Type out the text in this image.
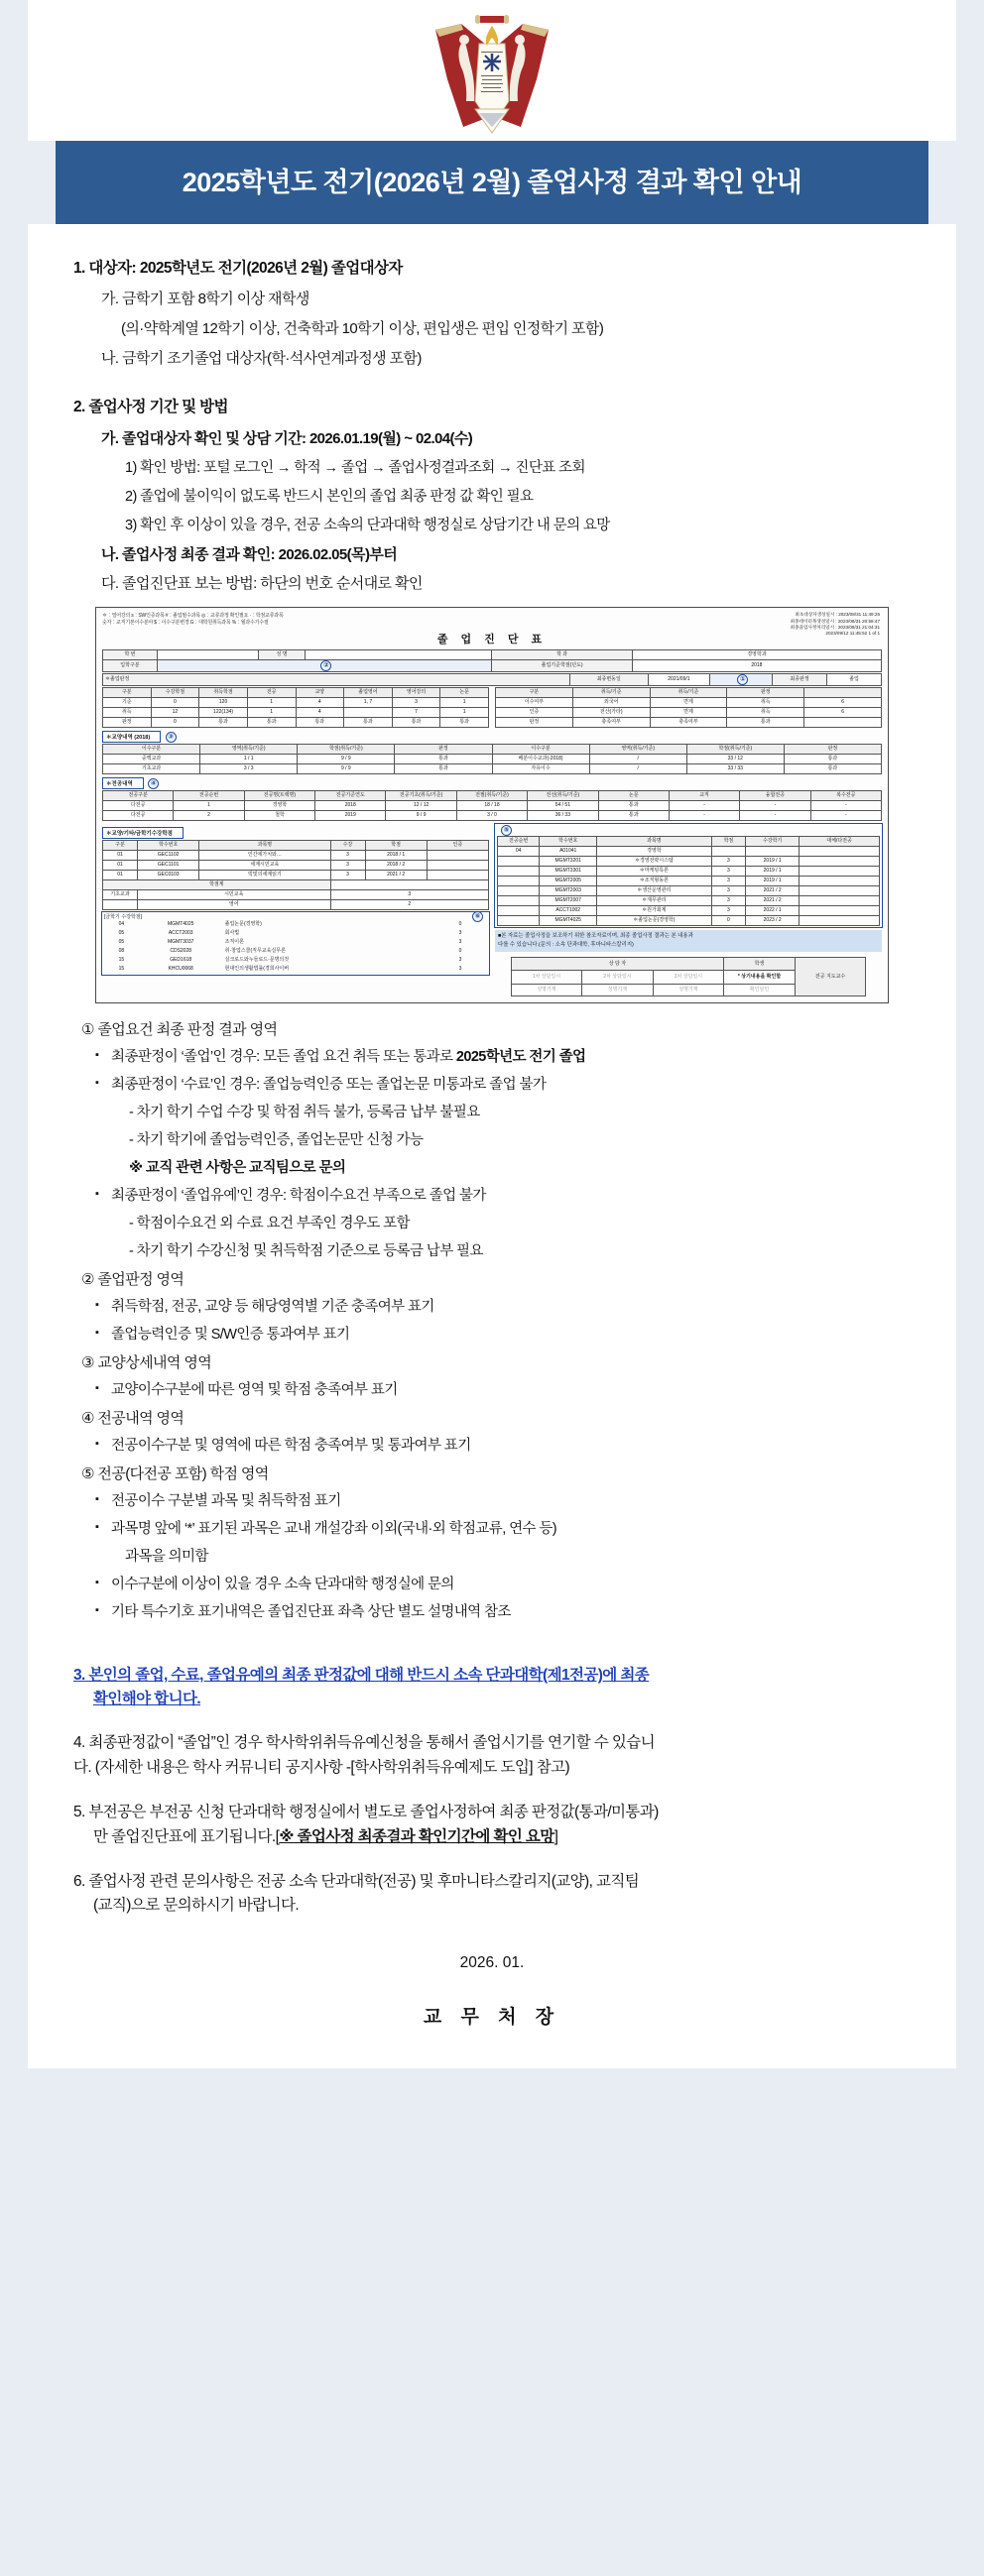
2025학년도 전기(2026년 2월) 졸업사정 결과 확인 안내

1. 대상자: 2025학년도 전기(2026년 2월) 졸업대상자

가. 금학기 포함 8학기 이상 재학생

(의·약학계열 12학기 이상, 건축학과 10학기 이상, 편입생은 편입 인정학기 포함)

나. 금학기 조기졸업 대상자(학·석사연계과정생 포함)

2. 졸업사정 기간 및 방법

가. 졸업대상자 확인 및 상담 기간: 2026.01.19(월) ~ 02.04(수)

1) 확인 방법: 포털 로그인 → 학적 → 졸업 → 졸업사정결과조회 → 진단표 조회

2) 졸업에 불이익이 없도록 반드시 본인의 졸업 최종 판정 값 확인 필요

3) 확인 후 이상이 있을 경우, 전공 소속의 단과대학 행정실로 상담기간 내 문의 요망

나. 졸업사정 최종 결과 확인: 2026.02.05(목)부터

다. 졸업진단표 보는 방법: 하단의 번호 순서대로 확인

최초대상자생성일시 : 2023/08/31 11:49:25
최종데이터목생성일시 : 2023/08/31 20:58:47
최종졸업사정처리일시 : 2023/08/31 21:04:31
2023/09/12 11:45:52 1 of 1
＊：열어강의 s：SW인증과목 #：졸업필수과목 ◎：교류과정 확인필요 ·：학점교류과목
숫자：교직기본이수분야 $：이수구분변경 G：대학원취득과목 %：월과수기수절
졸 업 진 단 표
학 번		성 명		학 과	경영학과
입학구분	②			졸업기준학점(년도)	2018
＊졸업판정	최종변동일	2021/09/1	①	최종판정	졸업
구분	수강학점	취득학점	전공	교양	졸업영어	영어강의	논문
기준	0	120	1	4	1, 7	3	1
취득	12	122(134)	1	4		7	1
판정	0	통과	통과	통과	통과	통과	통과
구분	취득/기준	취득/기준	판정	
이수여부	외국어	면제	취득	6
인증	전산(가타)	면제	취득	6
판정	충족여부	충족여부	통과	
＊교양내역 (2018)	③
이수구분	영역(취득/기준)	학점(취득/기준)	판정	이수구분	영역(취득/기준)	학점(취득/기준)	판정
중핵교과	1 / 1	9 / 9	통과	배분이수교과(-2018)	/	33 / 12	통과
기초교과	3 / 3	9 / 9	통과	자유이수	/	33 / 33	통과
＊전공내역	④
전공구분	전공순번	전공명(트랙명)	전공기준연도	전공기초(취득/기준)	전필(취득/기준)	전선(취득/기준)	논문	교직	융합전공	복수전공
다전공	1	경영학	2018	12 / 12	18 / 18	54 / 51	통과	-	-	-
다전공	2	철학	2019	9 / 9	3 / 0	36 / 33	통과	-	-	-
＊교양/기타/금학기수강학점
구분	학수번호	과목명	수강	학점	인증
01	GEC1102	인간에가치와…	3	2018 / 1	
01	GEC1101	세계시민교육	3	2018 / 2	
01	GEC0103	빅빛의세계읽기	3	2021 / 2	
학점계					
기초교과	시민교육		3		
	영어		2		
[금학기 수강학점]	⑥
04	MGMT4025	졸업논문(경영학)	0
05	ACCT2003	회사법	3
05	MGMT3037	조직이론	3
08	CDS2028	취·창업스쿨(직무교육실무론	0
15	GED1618	실크로드와누들로드·문명의것	3
15	KHCU0068	현대인의생활법률(경희사이버	3
⑤
전공순번	학수번호	과목명	학점	수강학기	대체/다전공
04	A01041	경영학			
	MGMT3201	＊경영전략시스템	3	2019 / 1	
	MGMT3301	＊마케팅특론	3	2019 / 1	
	MGMT2005	＊조직형동론	3	2019 / 1	
	MGMT2003	＊생산운영관리	3	2021 / 2	
	MGMT2007	＊재무관리	3	2021 / 2	
	ACCT1002	＊원가회계	3	2022 / 1	
	MGMT4025	＊졸업논문(경영학)	0	2023 / 2	
■본 자료는 졸업사정을 보조하기 위한 참조자료이며, 최종 졸업사정 결과는 본 내용과
다를 수 있습니다.(문의 : 소속 단과대학, 후마니타스칼리지)
상 담 자			학생	전공 지도교수
1차 상담일시	2차 상담일시	3차 상담일시	* 상기내용을 확인함	
성명기재	성명기재	성명기재	확인날인	

① 졸업요건 최종 판정 결과 영역

▪ 최종판정이 ‘졸업’인 경우: 모든 졸업 요건 취득 또는 통과로 2025학년도 전기 졸업

▪ 최종판정이 ‘수료’인 경우: 졸업능력인증 또는 졸업논문 미통과로 졸업 불가

- 차기 학기 수업 수강 및 학점 취득 불가, 등록금 납부 불필요

- 차기 학기에 졸업능력인증, 졸업논문만 신청 가능

※ 교직 관련 사항은 교직팀으로 문의

▪ 최종판정이 ‘졸업유예’인 경우: 학점이수요건 부족으로 졸업 불가

- 학점이수요건 외 수료 요건 부족인 경우도 포함

- 차기 학기 수강신청 및 취득학점 기준으로 등록금 납부 필요

② 졸업판정 영역

▪ 취득학점, 전공, 교양 등 해당영역별 기준 충족여부 표기

▪ 졸업능력인증 및 S/W인증 통과여부 표기

③ 교양상세내역 영역

▪ 교양이수구분에 따른 영역 및 학점 충족여부 표기

④ 전공내역 영역

▪ 전공이수구분 및 영역에 따른 학점 충족여부 및 통과여부 표기

⑤ 전공(다전공 포함) 학점 영역

▪ 전공이수 구분별 과목 및 취득학점 표기

▪ 과목명 앞에 ‘*’ 표기된 과목은 교내 개설강좌 이외(국내·외 학점교류, 연수 등)

과목을 의미함

▪ 이수구분에 이상이 있을 경우 소속 단과대학 행정실에 문의

▪ 기타 특수기호 표기내역은 졸업진단표 좌측 상단 별도 설명내역 참조

3. 본인의 졸업, 수료, 졸업유예의 최종 판정값에 대해 반드시 소속 단과대학(제1전공)에 최종

확인해야 합니다.

4. 최종판정값이 “졸업”인 경우 학사학위취득유예신청을 통해서 졸업시기를 연기할 수 있습니

다. (자세한 내용은 학사 커뮤니티 공지사항 -[학사학위취득유예제도 도입] 참고)

5. 부전공은 부전공 신청 단과대학 행정실에서 별도로 졸업사정하여 최종 판정값(통과/미통과)

만 졸업진단표에 표기됩니다.[※ 졸업사정 최종결과 확인기간에 확인 요망]

6. 졸업사정 관련 문의사항은 전공 소속 단과대학(전공) 및 후마니타스칼리지(교양), 교직팀

(교직)으로 문의하시기 바랍니다.

2026. 01.

교 무 처 장
